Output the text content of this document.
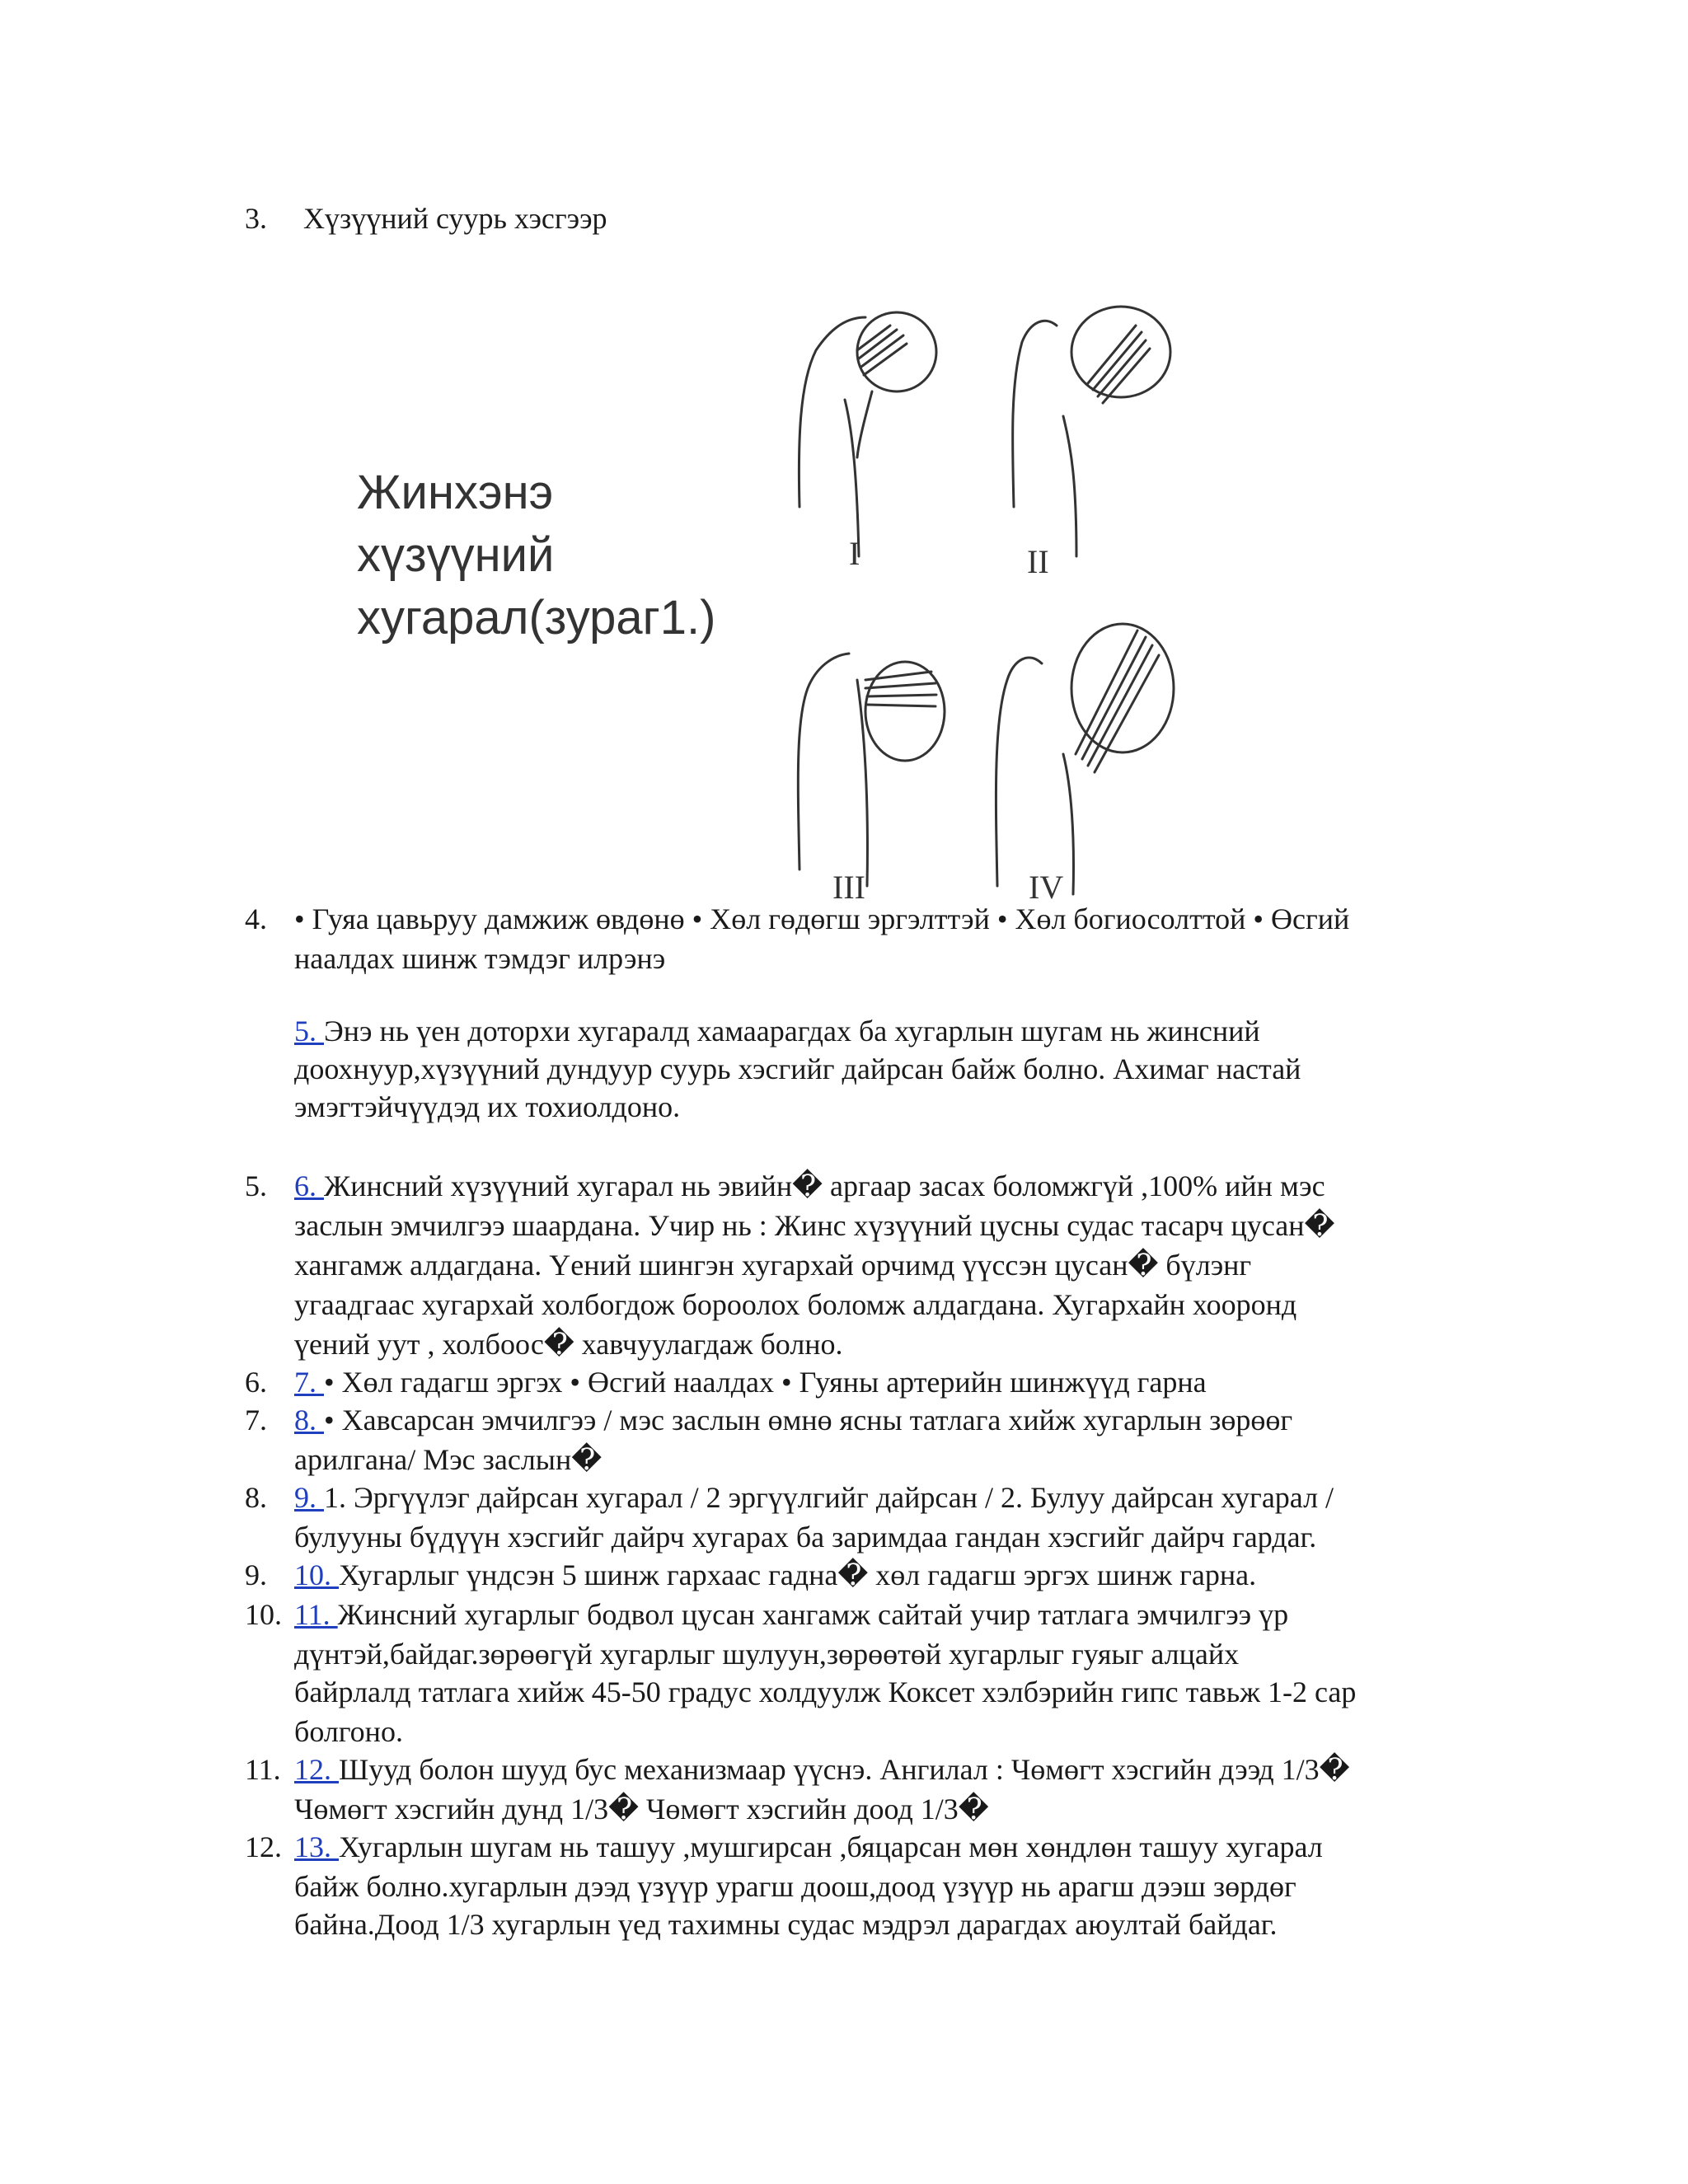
3. Хүзүүний суурь хэсгээр
Жинхэнэ
хүзүүний
хугарал(зураг1.)
I	II
III	IV
4. • Гуяа цавьруу дамжиж өвдөнө • Хөл гөдөгш эргэлттэй • Хөл богиосолттой • Өсгий
наалдах шинж тэмдэг илрэнэ
5. Энэ нь үен доторхи хугаралд хамаарагдах ба хугарлын шугам нь жинсний
доохнуур,хүзүүний дундуур суурь хэсгийг дайрсан байж болно. Ахимаг настай
эмэгтэйчүүдэд их тохиолдоно.
5. 6. Жинсний хүзүүний хугарал нь эвийн� аргаар засах боломжгүй ,100% ийн мэс
заслын эмчилгээ шаардана. Учир нь : Жинс хүзүүний цусны судас тасарч цусан�
хангамж алдагдана. Үений шингэн хугархай орчимд үүссэн цусан� бүлэнг
угаадгаас хугархай холбогдож бороолох боломж алдагдана. Хугархайн хооронд
үений уут , холбоос� хавчуулагдаж болно.
6. 7. • Хөл гадагш эргэх • Өсгий наалдах • Гуяны артерийн шинжүүд гарна
7. 8. • Хавсарсан эмчилгээ / мэс заслын өмнө ясны татлага хийж хугарлын зөрөөг
арилгана/ Мэс заслын�
8. 9. 1. Эргүүлэг дайрсан хугарал / 2 эргүүлгийг дайрсан / 2. Булуу дайрсан хугарал /
булууны бүдүүн хэсгийг дайрч хугарах ба заримдаа гандан хэсгийг дайрч гардаг.
9. 10. Хугарлыг үндсэн 5 шинж гархаас гадна� хөл гадагш эргэх шинж гарна.
10. 11. Жинсний хугарлыг бодвол цусан хангамж сайтай учир татлага эмчилгээ үр
дүнтэй,байдаг.зөрөөгүй хугарлыг шулуун,зөрөөтөй хугарлыг гуяыг алцайх
байрлалд татлага хийж 45-50 градус холдуулж Коксет хэлбэрийн гипс тавьж 1-2 сар
болгоно.
11. 12. Шууд болон шууд бус механизмаар үүснэ. Ангилал : Чөмөгт хэсгийн дээд 1/3�
Чөмөгт хэсгийн дунд 1/3� Чөмөгт хэсгийн доод 1/3�
12. 13. Хугарлын шугам нь ташуу ,мушгирсан ,бяцарсан мөн хөндлөн ташуу хугарал
байж болно.хугарлын дээд үзүүр урагш доош,доод үзүүр нь арагш дээш зөрдөг
байна.Доод 1/3 хугарлын үед тахимны судас мэдрэл дарагдах аюултай байдаг.
